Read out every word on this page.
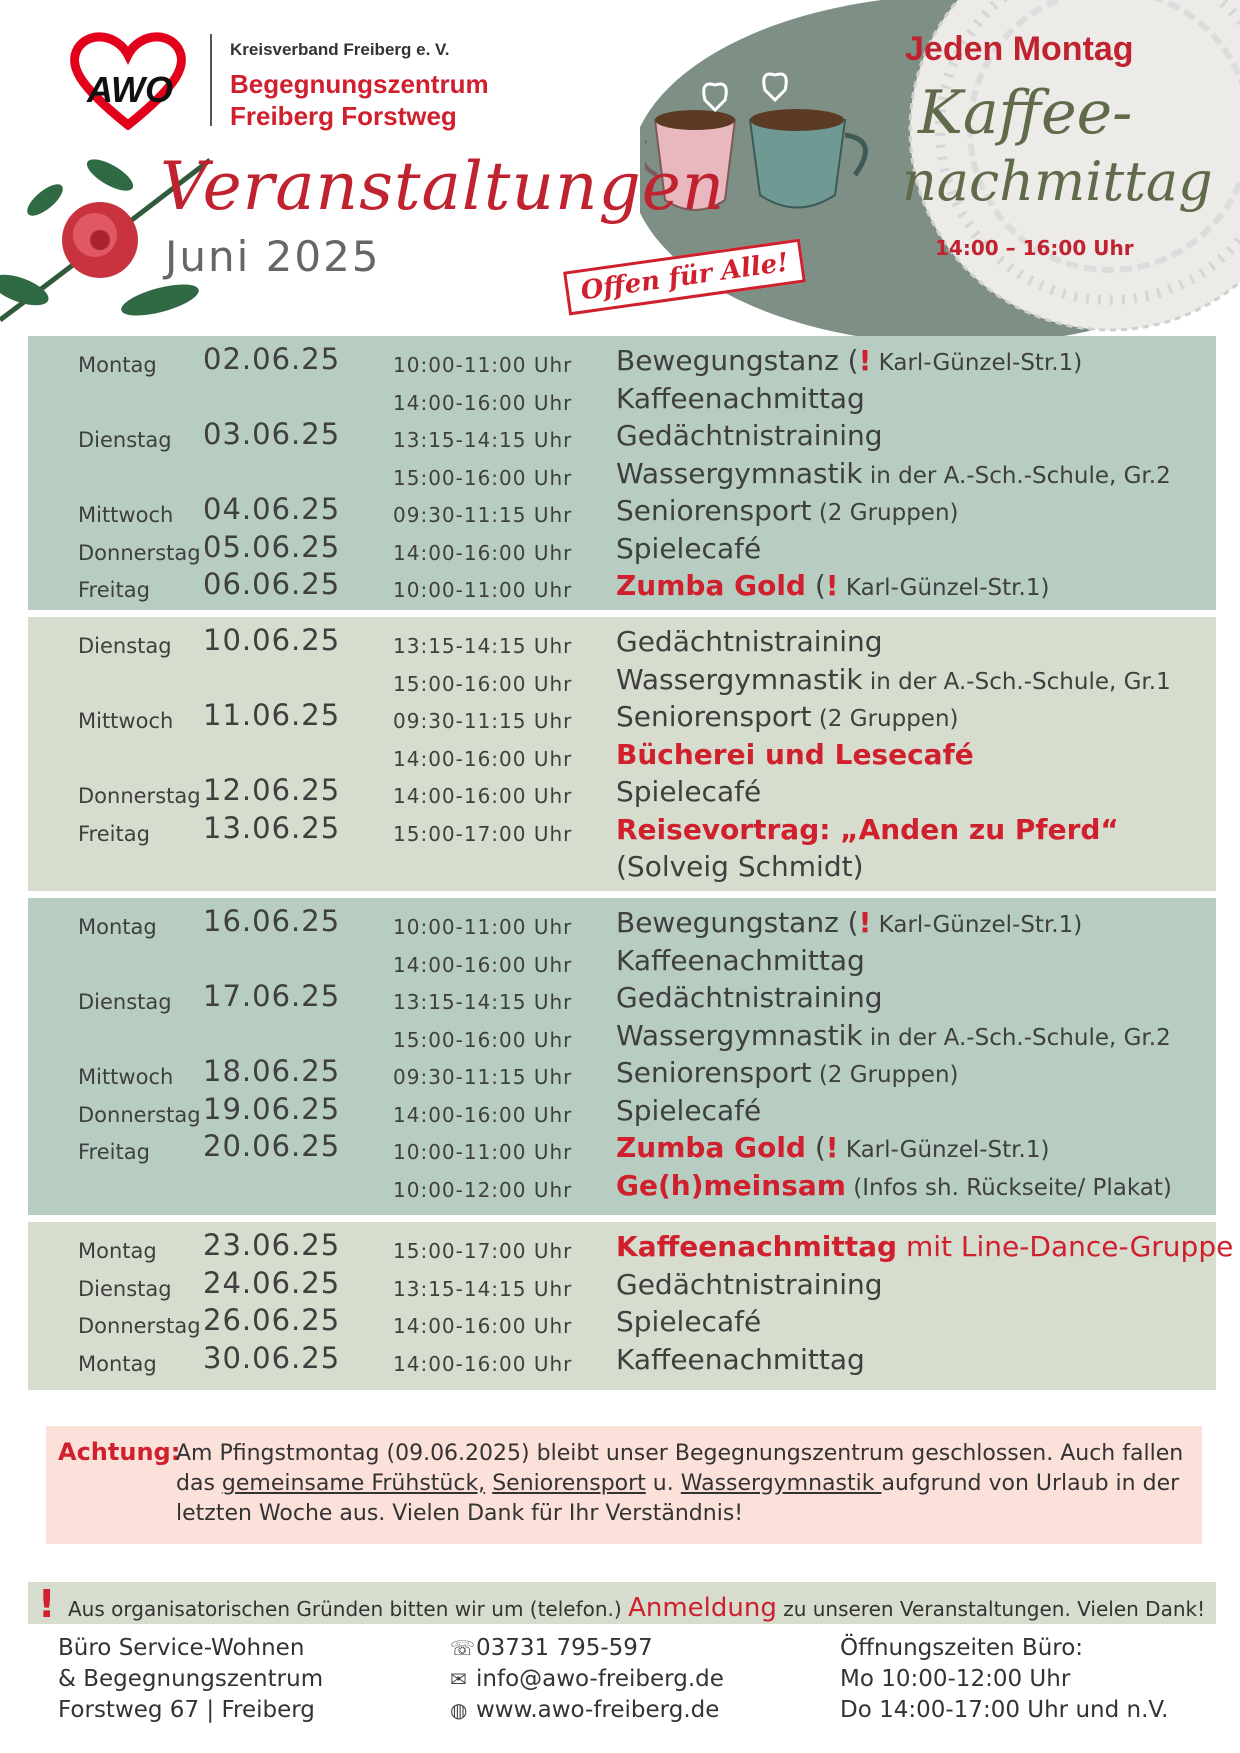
AWO
Kreisverband Freiberg e. V.
Begegnungszentrum
Freiberg Forstweg
Veranstaltungen
Juni 2025	Offen für Alle!
Jeden Montag
Kaffee-
nachmittag
14:00 – 16:00 Uhr
Montag 02.06.25	10:00-11:00 Uhr Bewegungstanz (! Karl-Günzel-Str.1)
14:00-16:00 Uhr Kaffeenachmittag
Dienstag 03.06.25	13:15-14:15 Uhr Gedächtnistraining
15:00-16:00 Uhr Wassergymnastik in der A.-Sch.-Schule, Gr.2
Mittwoch 04.06.25	09:30-11:15 Uhr Seniorensport (2 Gruppen)
Donnerstag 05.06.25	14:00-16:00 Uhr Spielecafé
Freitag 06.06.25	10:00-11:00 Uhr Zumba Gold (! Karl-Günzel-Str.1)
Dienstag 10.06.25	13:15-14:15 Uhr Gedächtnistraining
15:00-16:00 Uhr Wassergymnastik in der A.-Sch.-Schule, Gr.1
Mittwoch 11.06.25	09:30-11:15 Uhr Seniorensport (2 Gruppen)
14:00-16:00 Uhr Bücherei und Lesecafé
Donnerstag 12.06.25	14:00-16:00 Uhr Spielecafé
Freitag 13.06.25	15:00-17:00 Uhr Reisevortrag: „Anden zu Pferd“
(Solveig Schmidt)
Montag 16.06.25	10:00-11:00 Uhr Bewegungstanz (! Karl-Günzel-Str.1)
14:00-16:00 Uhr Kaffeenachmittag
Dienstag 17.06.25	13:15-14:15 Uhr Gedächtnistraining
15:00-16:00 Uhr Wassergymnastik in der A.-Sch.-Schule, Gr.2
Mittwoch 18.06.25	09:30-11:15 Uhr Seniorensport (2 Gruppen)
Donnerstag 19.06.25	14:00-16:00 Uhr Spielecafé
Freitag 20.06.25	10:00-11:00 Uhr Zumba Gold (! Karl-Günzel-Str.1)
10:00-12:00 Uhr Ge(h)meinsam (Infos sh. Rückseite/ Plakat)
Montag 23.06.25	15:00-17:00 Uhr Kaffeenachmittag mit Line-Dance-Gruppe
Dienstag 24.06.25	13:15-14:15 Uhr Gedächtnistraining
Donnerstag 26.06.25	14:00-16:00 Uhr Spielecafé
Montag 30.06.25	14:00-16:00 Uhr Kaffeenachmittag
Achtung:
Am Pfingstmontag (09.06.2025) bleibt unser Begegnungszentrum geschlossen. Auch fallen das gemeinsame Frühstück, Seniorensport u. Wassergymnastik aufgrund von Urlaub in der letzten Woche aus. Vielen Dank für Ihr Verständnis!
! Aus organisatorischen Gründen bitten wir um (telefon.) Anmeldung zu unseren Veranstaltungen. Vielen Dank!
Büro Service-Wohnen
& Begegnungszentrum
Forstweg 67 | Freiberg
☏03731 795-597
✉ info@awo-freiberg.de
◍ www.awo-freiberg.de
Öffnungszeiten Büro:
Mo 10:00-12:00 Uhr
Do 14:00-17:00 Uhr und n.V.
